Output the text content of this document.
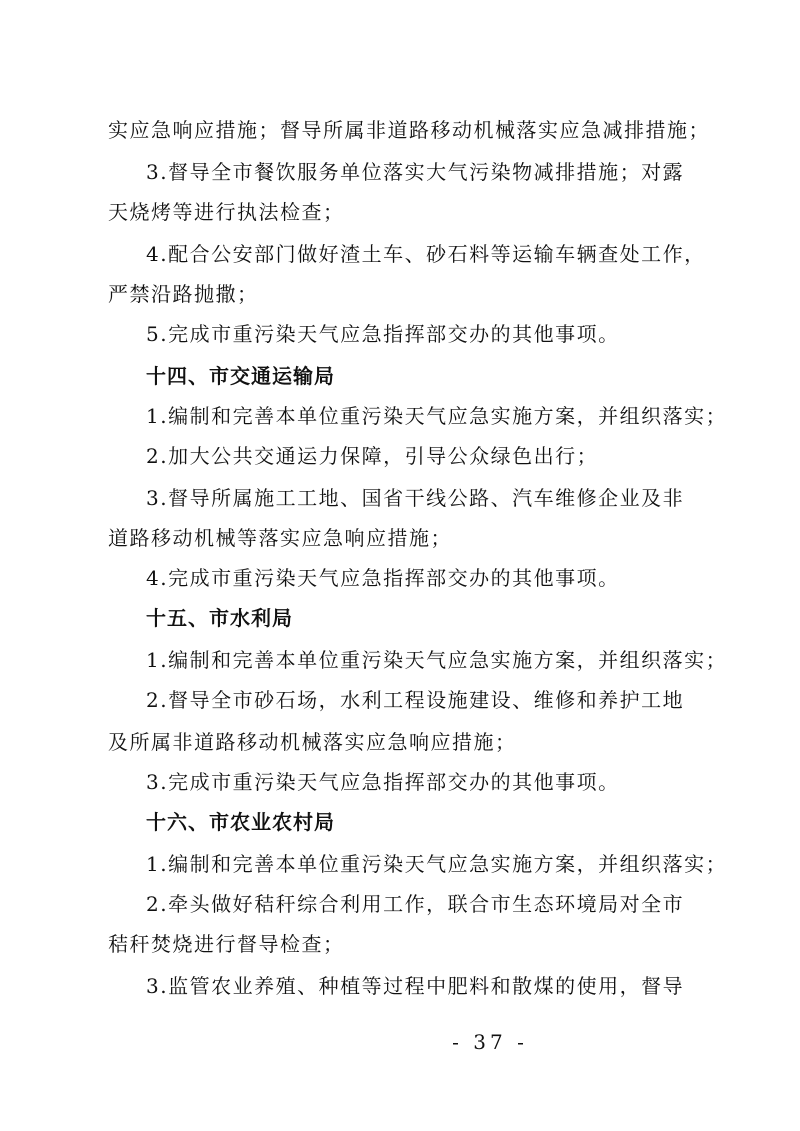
实应急响应措施；督导所属非道路移动机械落实应急减排措施；
3.督导全市餐饮服务单位落实大气污染物减排措施；对露
天烧烤等进行执法检查；
4.配合公安部门做好渣土车、砂石料等运输车辆查处工作，
严禁沿路抛撒；
5.完成市重污染天气应急指挥部交办的其他事项。
十四、市交通运输局
1.编制和完善本单位重污染天气应急实施方案，并组织落实；
2.加大公共交通运力保障，引导公众绿色出行；
3.督导所属施工工地、国省干线公路、汽车维修企业及非
道路移动机械等落实应急响应措施；
4.完成市重污染天气应急指挥部交办的其他事项。
十五、市水利局
1.编制和完善本单位重污染天气应急实施方案，并组织落实；
2.督导全市砂石场，水利工程设施建设、维修和养护工地
及所属非道路移动机械落实应急响应措施；
3.完成市重污染天气应急指挥部交办的其他事项。
十六、市农业农村局
1.编制和完善本单位重污染天气应急实施方案，并组织落实；
2.牵头做好秸秆综合利用工作，联合市生态环境局对全市
秸秆焚烧进行督导检查；
3.监管农业养殖、种植等过程中肥料和散煤的使用，督导
- 37 -
